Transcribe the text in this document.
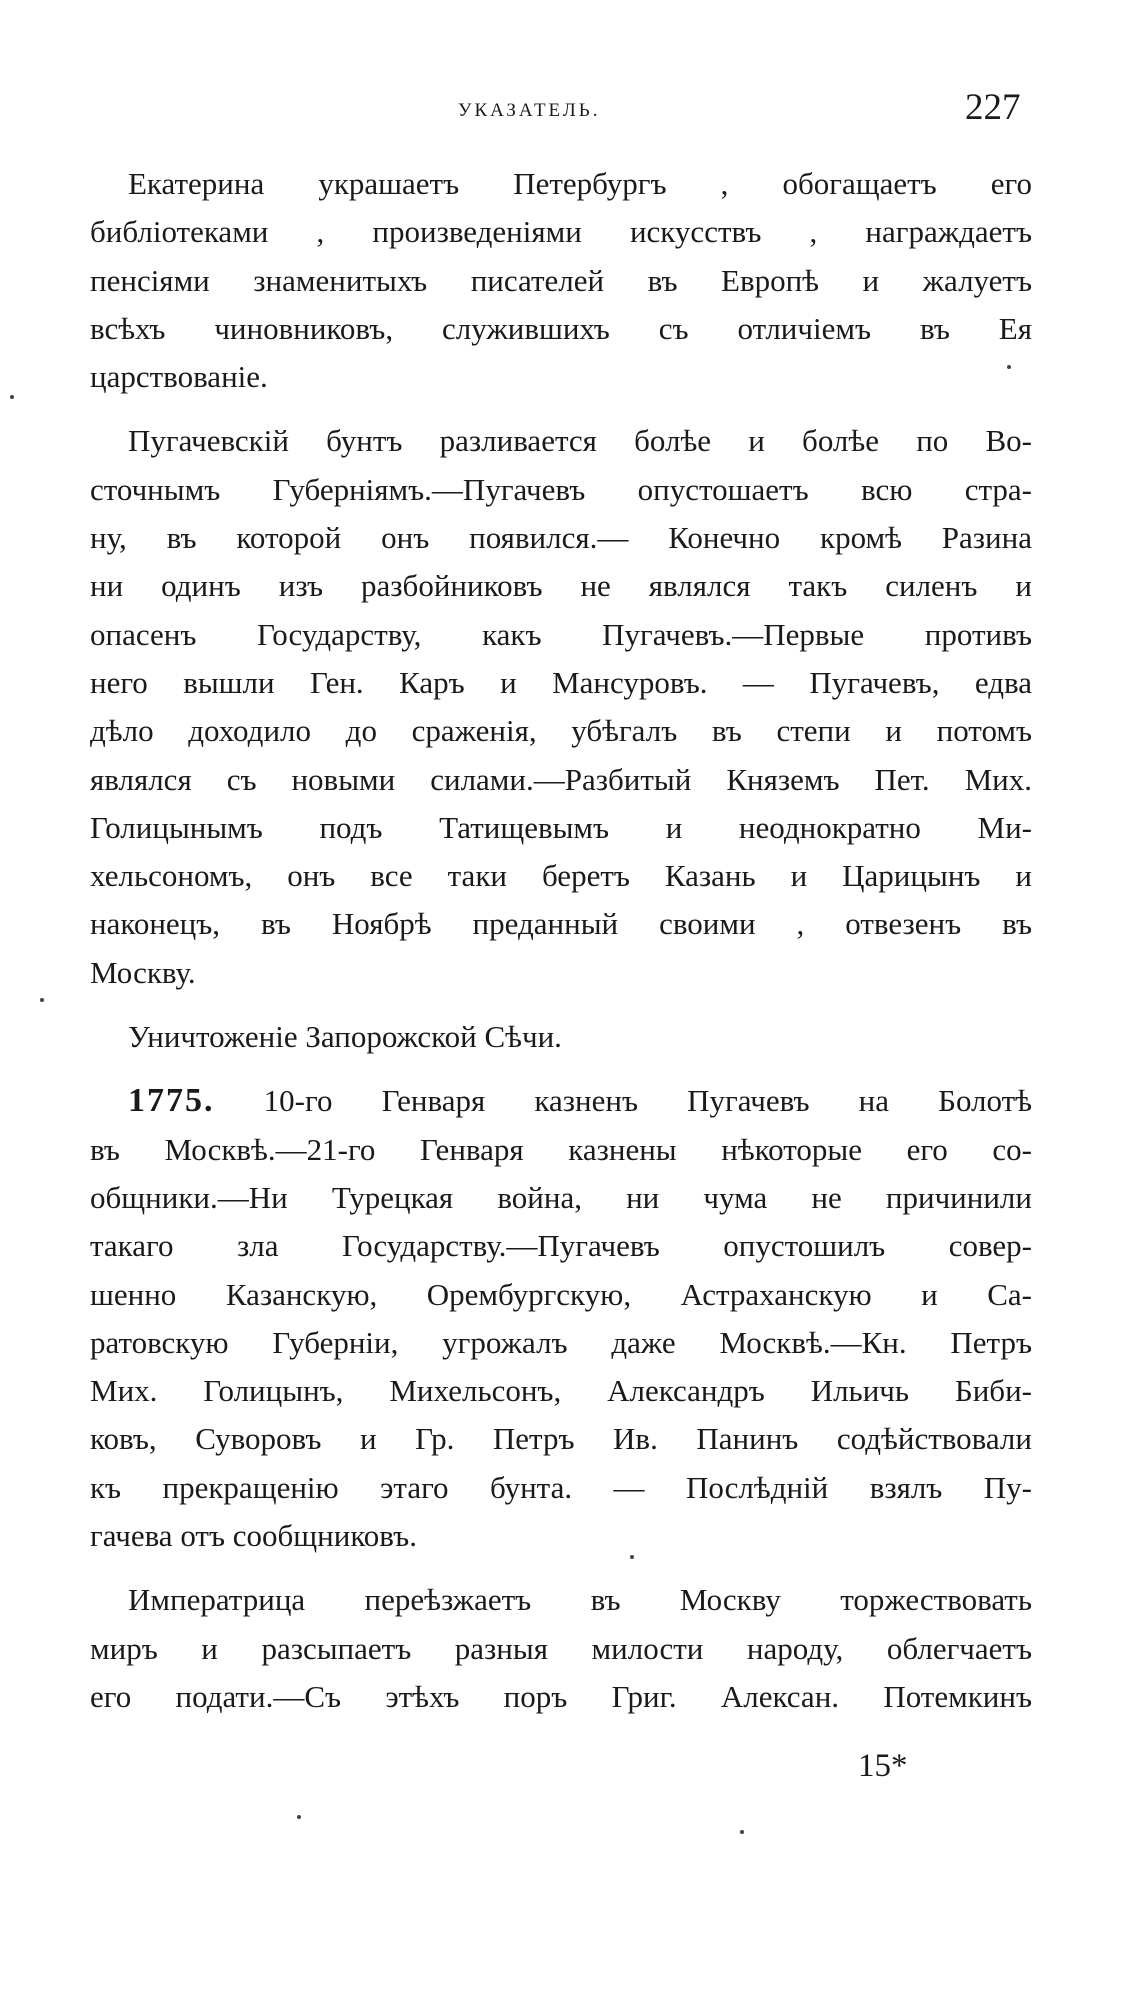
УКАЗАТЕЛЬ.	227
Екатерина украшаетъ Петербургъ , обогащаетъ его
библіотеками , произведеніями искусствъ , награждаетъ
пенсіями знаменитыхъ писателей въ Европѣ и жалуетъ
всѣхъ чиновниковъ, служившихъ съ отличіемъ въ Ея
царствованіе.
Пугачевскій бунтъ разливается болѣе и болѣе по Во-
сточнымъ Губерніямъ.—Пугачевъ опустошаетъ всю стра-
ну, въ которой онъ появился.— Конечно кромѣ Разина
ни одинъ изъ разбойниковъ не являлся такъ силенъ и
опасенъ Государству, какъ Пугачевъ.—Первые противъ
него вышли Ген. Каръ и Мансуровъ. — Пугачевъ, едва
дѣло доходило до сраженія, убѣгалъ въ степи и потомъ
являлся съ новыми силами.—Разбитый Княземъ Пет. Мих.
Голицынымъ подъ Татищевымъ и неоднократно Ми-
хельсономъ, онъ все таки беретъ Казань и Царицынъ и
наконецъ, въ Ноябрѣ преданный своими , отвезенъ въ
Москву.
Уничтоженіе Запорожской Сѣчи.
1775. 10-го Генваря казненъ Пугачевъ на Болотѣ
въ Москвѣ.—21-го Генваря казнены нѣкоторые его со-
общники.—Ни Турецкая война, ни чума не причинили
такаго зла Государству.—Пугачевъ опустошилъ совер-
шенно Казанскую, Орембургскую, Астраханскую и Са-
ратовскую Губерніи, угрожалъ даже Москвѣ.—Кн. Петръ
Мих. Голицынъ, Михельсонъ, Александръ Ильичь Биби-
ковъ, Суворовъ и Гр. Петръ Ив. Панинъ содѣйствовали
къ прекращенію этаго бунта. — Послѣдній взялъ Пу-
гачева отъ сообщниковъ.
Императрица переѣзжаетъ въ Москву торжествовать
миръ и разсыпаетъ разныя милости народу, облегчаетъ
его подати.—Съ этѣхъ поръ Григ. Алексан. Потемкинъ
15*
